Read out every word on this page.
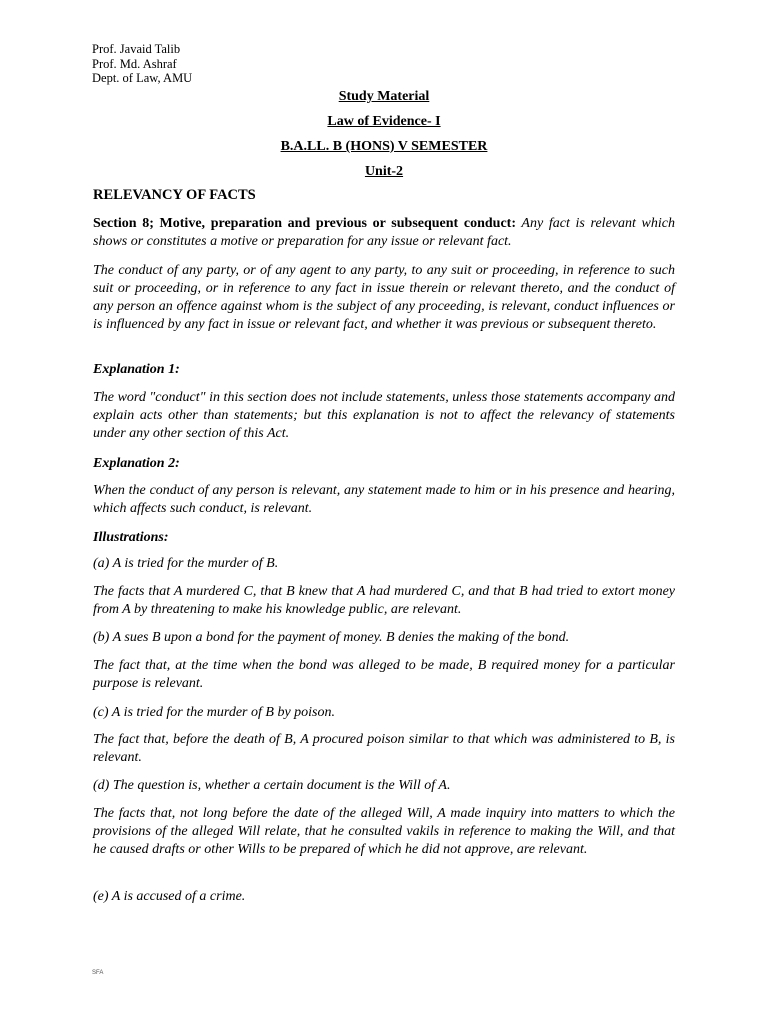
Prof. Javaid Talib
Prof. Md. Ashraf
Dept. of Law, AMU
Study Material
Law of Evidence- I
B.A.LL. B (HONS) V SEMESTER
Unit-2
RELEVANCY OF FACTS
Section 8; Motive, preparation and previous or subsequent conduct: Any fact is relevant which shows or constitutes a motive or preparation for any issue or relevant fact.
The conduct of any party, or of any agent to any party, to any suit or proceeding, in reference to such suit or proceeding, or in reference to any fact in issue therein or relevant thereto, and the conduct of any person an offence against whom is the subject of any proceeding, is relevant, conduct influences or is influenced by any fact in issue or relevant fact, and whether it was previous or subsequent thereto.
Explanation 1:
The word "conduct" in this section does not include statements, unless those statements accompany and explain acts other than statements; but this explanation is not to affect the relevancy of statements under any other section of this Act.
Explanation 2:
When the conduct of any person is relevant, any statement made to him or in his presence and hearing, which affects such conduct, is relevant.
Illustrations:
(a) A is tried for the murder of B.
The facts that A murdered C, that B knew that A had murdered C, and that B had tried to extort money from A by threatening to make his knowledge public, are relevant.
(b) A sues B upon a bond for the payment of money. B denies the making of the bond.
The fact that, at the time when the bond was alleged to be made, B required money for a particular purpose is relevant.
(c) A is tried for the murder of B by poison.
The fact that, before the death of B, A procured poison similar to that which was administered to B, is relevant.
(d) The question is, whether a certain document is the Will of A.
The facts that, not long before the date of the alleged Will, A made inquiry into matters to which the provisions of the alleged Will relate, that he consulted vakils in reference to making the Will, and that he caused drafts or other Wills to be prepared of which he did not approve, are relevant.
(e) A is accused of a crime.
SFA
